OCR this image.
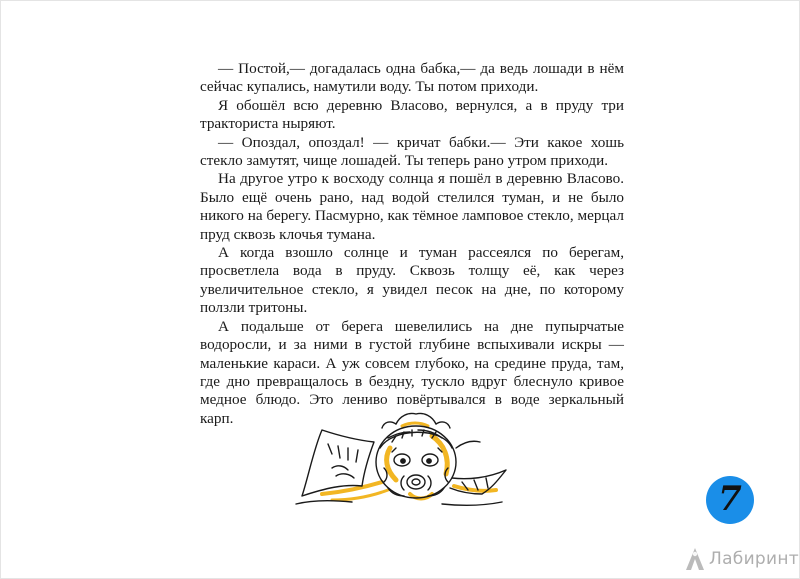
— Постой,— догадалась одна бабка,— да ведь лошади в нём сейчас купались, намутили воду. Ты потом приходи.

Я обошёл всю деревню Власово, вернулся, а в пруду три тракториста ныряют.

— Опоздал, опоздал! — кричат бабки.— Эти какое хошь стекло замутят, чище лошадей. Ты теперь рано утром приходи.

На другое утро к восходу солнца я пошёл в деревню Власово. Было ещё очень рано, над водой стелился туман, и не было никого на берегу. Пасмурно, как тёмное ламповое стекло, мерцал пруд сквозь клочья тумана.

А когда взошло солнце и туман рассеялся по берегам, просветлела вода в пруду. Сквозь толщу её, как через увеличительное стекло, я увидел песок на дне, по которому ползли тритоны.

А подальше от берега шевелились на дне пупырчатые водоросли, и за ними в густой глубине вспыхивали искры — маленькие караси. А уж совсем глубоко, на средине пруда, там, где дно превращалось в бездну, тускло вдруг блеснуло кривое медное блюдо. Это лениво повёртывался в воде зеркальный карп.

7
Лабиринт
